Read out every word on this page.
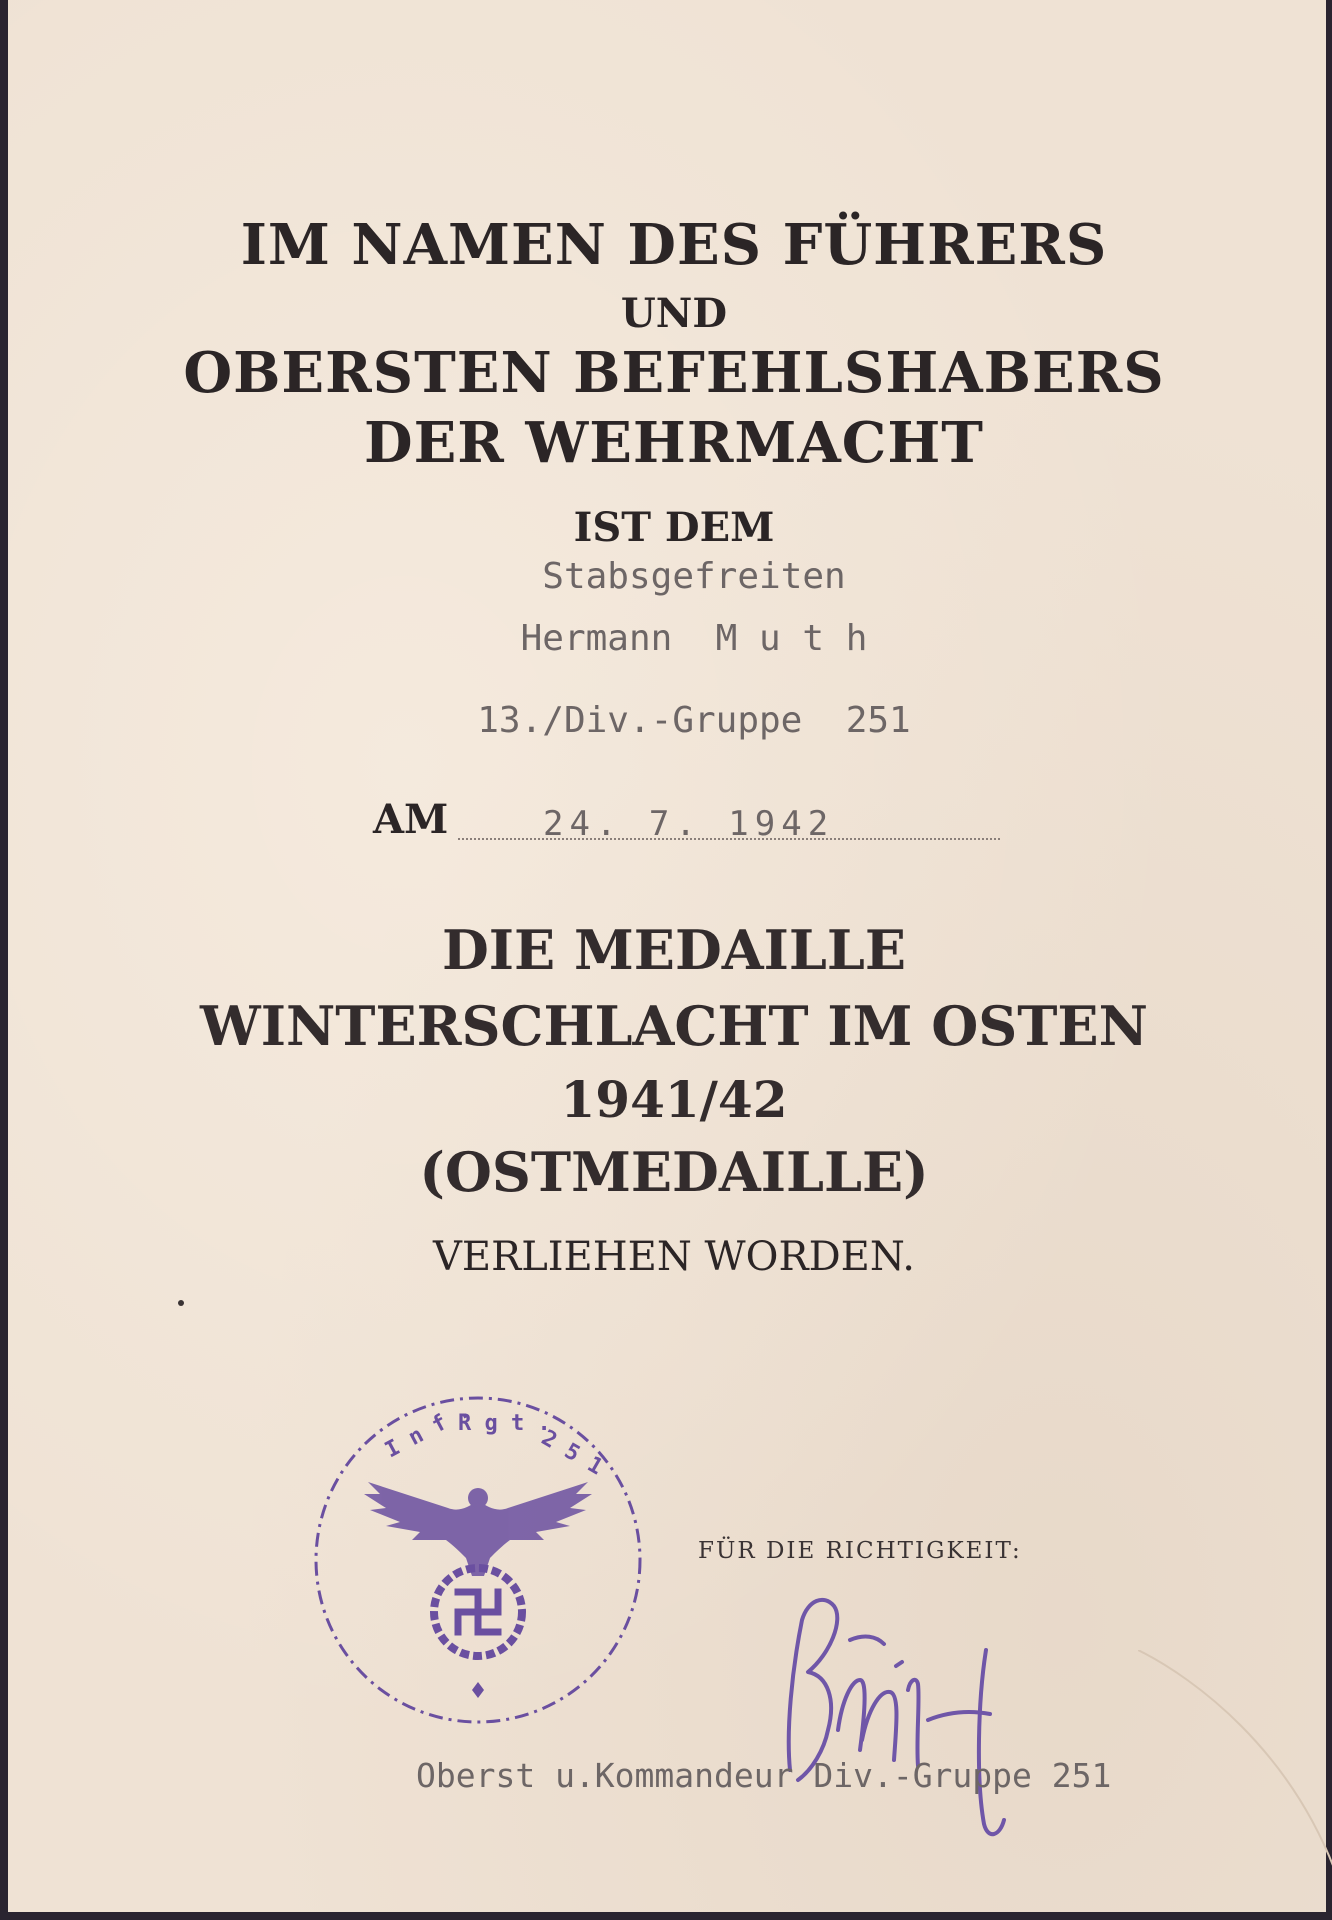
IM NAMEN DES FÜHRERS
UND
OBERSTEN BEFEHLSHABERS
DER WEHRMACHT
IST DEM
Stabsgefreiten
Hermann  M u t h
13./Div.-Gruppe  251
AM	24. 7. 1942
DIE MEDAILLE
WINTERSCHLACHT IM OSTEN
1941/42
(OSTMEDAILLE)
VERLIEHEN WORDEN.
I n f .
R g t .
2 5 1
FÜR DIE RICHTIGKEIT:
Oberst u.Kommandeur Div.-Gruppe 251
